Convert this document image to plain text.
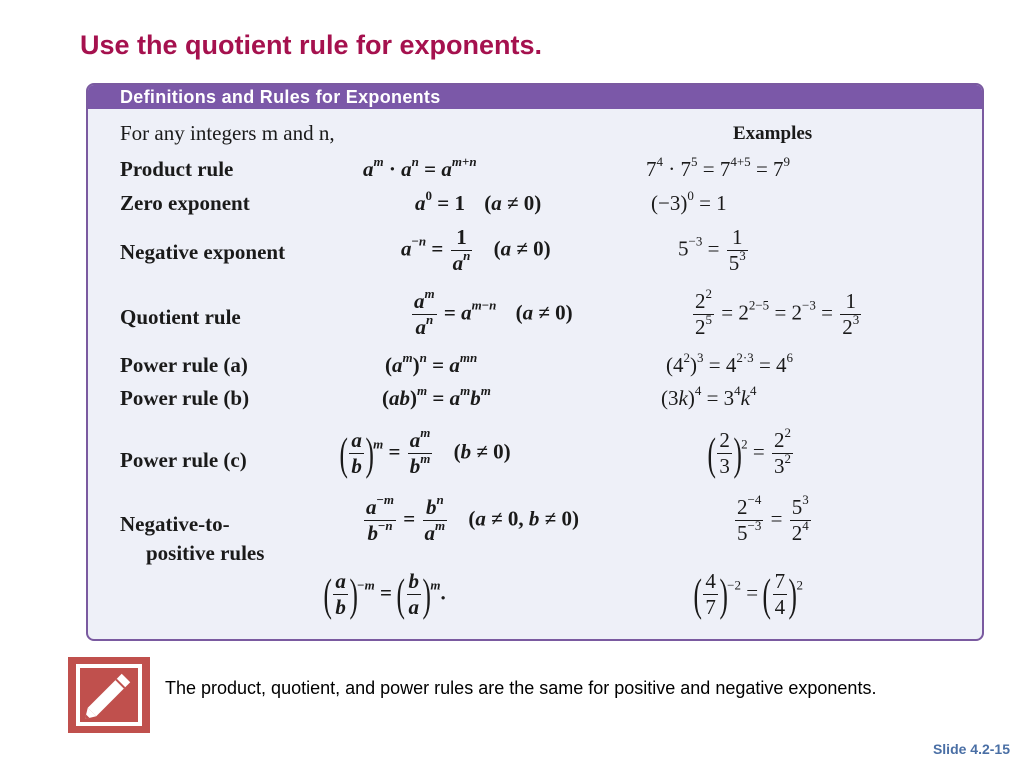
Use the quotient rule for exponents.
Definitions and Rules for Exponents
For any integers m and n,	Examples
Product rule	$a^m \cdot a^n = a^{m+n}$	$7^4 \cdot 7^5 = 7^{4+5} = 7^9$
Zero exponent	$a^0 = 1$ (a ≠ 0)	$(-3)^0 = 1$
Negative exponent	$a^{-n} = \frac{1}{a^n} (a \ne 0)$	$5^{-3} = \frac{1}{5^3}$
Quotient rule	$\frac{a^m}{a^n} = a^{m-n}$ (a ≠ 0)	$\frac{2^2}{2^5} = 2^{2-5} = 2^{-3} = \frac{1}{2^3}$
Power rule (a)	$(a^m)^n = a^{mn}$	$(4^2)^3 = 4^{2\cdot 3} = 4^6$
Power rule (b)	$(ab)^m = a^mb^m$	$(3k)^4 = 3^4k^4$
Power rule (c) ( $\frac{a}{b} )^m = \frac{a^m}{b^m} (b \ne 0)$	( $\frac{2}{3} )^2 = \frac{2^2}{3^2}$
Negative-to-
positive rules
$\frac{a^{-m}}{b^{-n}} = \frac{b^n}{a^m} (a \ne 0$, b ≠ 0)	$\frac{2^{-4}}{5^{-3}} = \frac{5^3}{2^4}$
( $\frac{a}{b} )^{-m}$ = ( $\frac{b}{a} )^m$.	( $\frac{4}{7} )^{-2}$ = ( $\frac{7}{4} )^2$
The product, quotient, and power rules are the same for positive and negative exponents.
Slide 4.2-15
